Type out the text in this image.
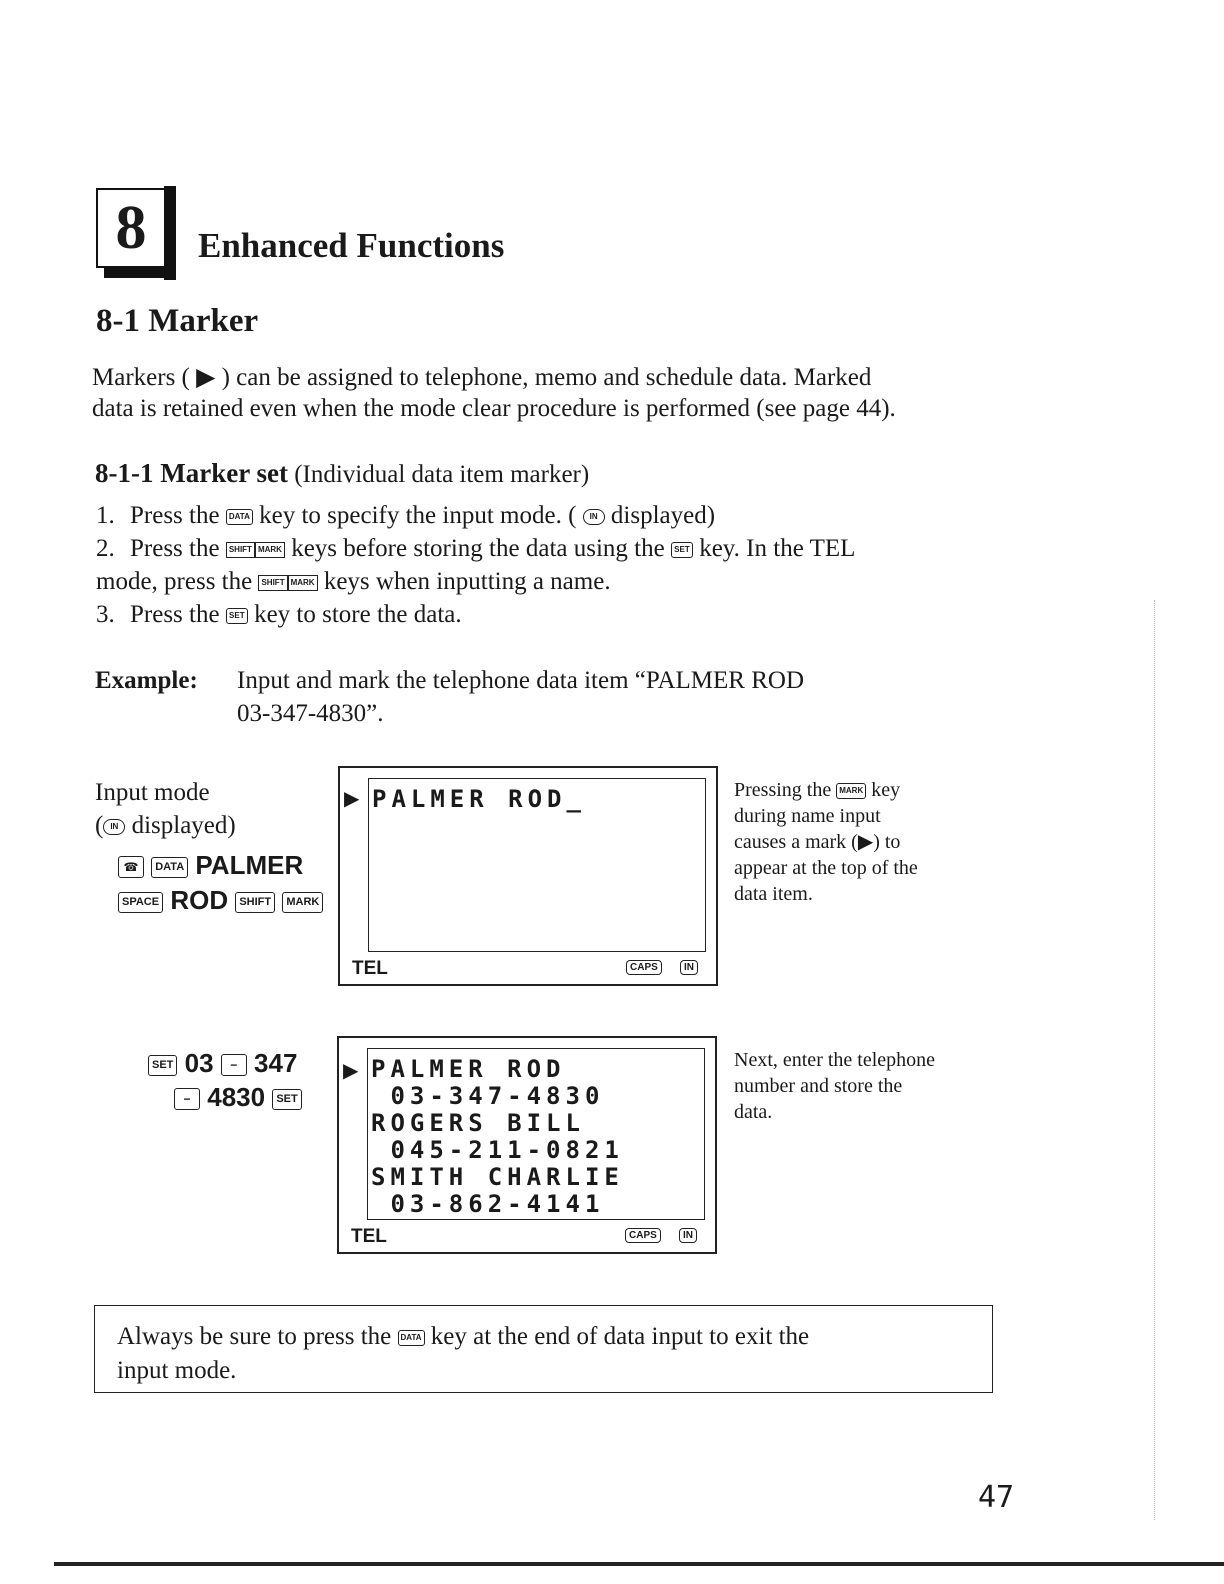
8 Enhanced Functions
8-1 Marker
Markers ( ▶ ) can be assigned to telephone, memo and schedule data. Marked
data is retained even when the mode clear procedure is performed (see page 44).
8-1-1 Marker set (Individual data item marker)
1. Press the DATA key to specify the input mode. ( IN displayed)
2. Press the	SHIFT MARK keys before storing the data using the SET key. In the TEL
mode, press the	SHIFT MARK keys when inputting a name.
3. Press the SET key to store the data.
Example: Input and mark the telephone data item “PALMER ROD
03-347-4830”.
Input mode
( IN displayed)
☎ DATA PALMER
SPACE ROD SHIFT MARK
▶ PALMER ROD_
TEL	CAPS	IN
Pressing the MARK key
during name input
causes a mark (▶) to
appear at the top of the
data item.
SET 03 − 347
− 4830 SET
▶ PALMER ROD
03-347-4830
ROGERS BILL
045-211-0821
SMITH CHARLIE
03-862-4141
TEL	CAPS	IN
Next, enter the telephone
number and store the
data.
Always be sure to press the DATA key at the end of data input to exit the
input mode.
47
